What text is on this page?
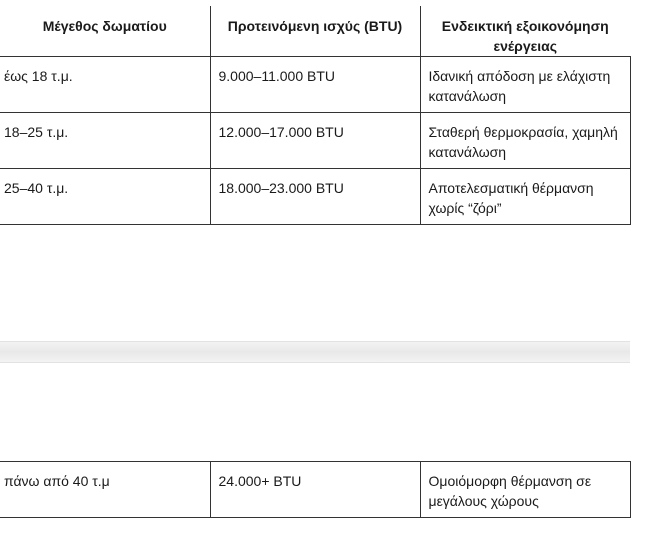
Μέγεθος δωματίου	Προτεινόμενη ισχύς (BTU)	Ενδεικτική εξοικονόμηση ενέργειας

έως 18 τ.μ.	9.000–11.000 BTU	Ιδανική απόδοση με ελάχιστη κατανάλωση
18–25 τ.μ.	12.000–17.000 BTU	Σταθερή θερμοκρασία, χαμηλή κατανάλωση
25–40 τ.μ.	18.000–23.000 BTU	Αποτελεσματική θέρμανση χωρίς “ζόρι”
πάνω από 40 τ.μ	24.000+ BTU	Ομοιόμορφη θέρμανση σε μεγάλους χώρους
